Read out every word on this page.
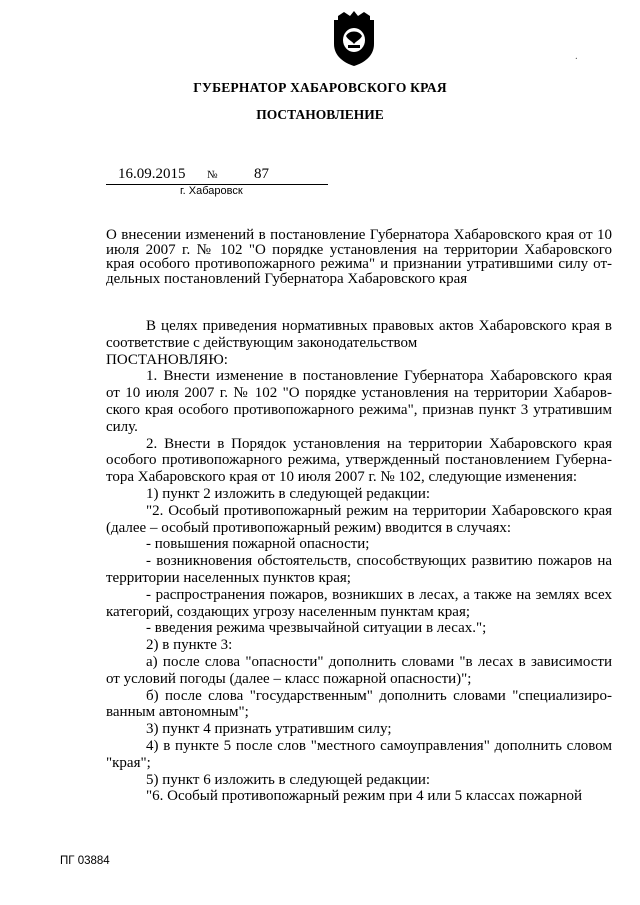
.
ГУБЕРНАТОР ХАБАРОВСКОГО КРАЯ
ПОСТАНОВЛЕНИЕ
16.09.2015 № 87
г. Хабаровск
О внесении изменений в постановление Губернатора Хабаровского края от 10 июля 2007 г. № 102 "О порядке установления на территории Хабаровского края особого противопожарного режима" и признании утратившими силу от- дельных постановлений Губернатора Хабаровского края

В целях приведения нормативных правовых актов Хабаровского края в соответствие с действующим законодательством

ПОСТАНОВЛЯЮ:

1. Внести изменение в постановление Губернатора Хабаровского края от 10 июля 2007 г. № 102 "О порядке установления на территории Хабаров- ского края особого противопожарного режима", признав пункт 3 утратившим силу.

2. Внести в Порядок установления на территории Хабаровского края особого противопожарного режима, утвержденный постановлением Губерна- тора Хабаровского края от 10 июля 2007 г. № 102, следующие изменения:

1) пункт 2 изложить в следующей редакции:

"2. Особый противопожарный режим на территории Хабаровского края (далее – особый противопожарный режим) вводится в случаях:

- повышения пожарной опасности;

- возникновения обстоятельств, способствующих развитию пожаров на территории населенных пунктов края;

- распространения пожаров, возникших в лесах, а также на землях всех категорий, создающих угрозу населенным пунктам края;

- введения режима чрезвычайной ситуации в лесах.";

2) в пункте 3:

а) после слова "опасности" дополнить словами "в лесах в зависимости от условий погоды (далее – класс пожарной опасности)";

б) после слова "государственным" дополнить словами "специализиро- ванным автономным";

3) пункт 4 признать утратившим силу;

4) в пункте 5 после слов "местного самоуправления" дополнить словом "края";

5) пункт 6 изложить в следующей редакции:

"6. Особый противопожарный режим при 4 или 5 классах пожарной

ПГ 03884
